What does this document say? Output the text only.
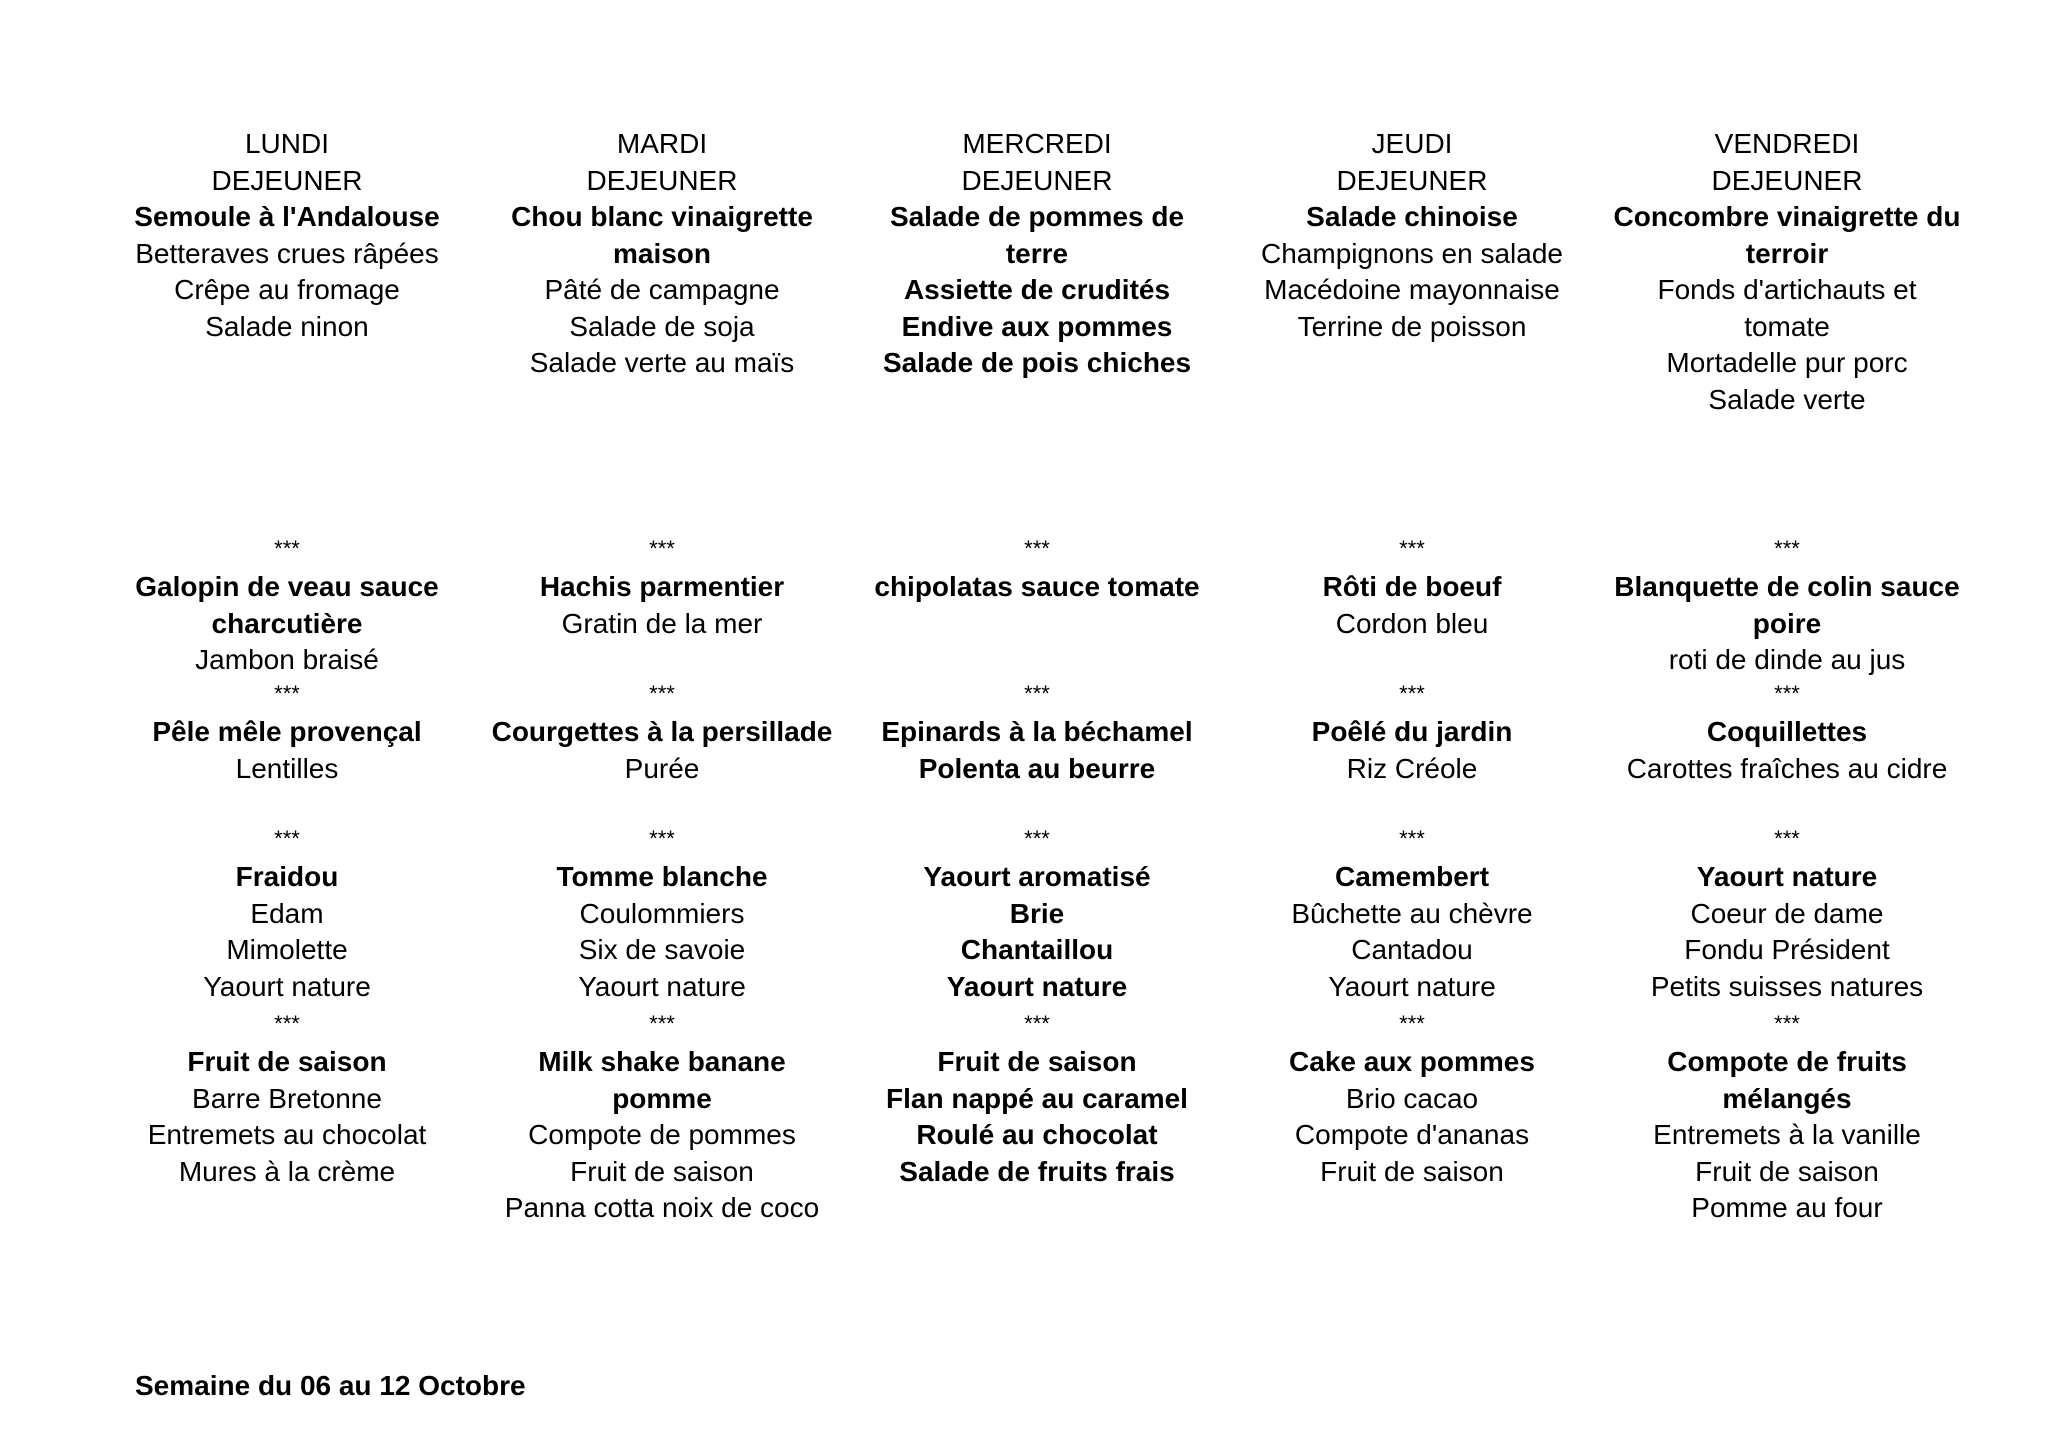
LUNDI
DEJEUNER
Semoule à l'Andalouse
Betteraves crues râpées
Crêpe au fromage
Salade ninon
***
Galopin de veau sauce
charcutière
Jambon braisé
***
Pêle mêle provençal
Lentilles
***
Fraidou
Edam
Mimolette
Yaourt nature
***
Fruit de saison
Barre Bretonne
Entremets au chocolat
Mures à la crème
MARDI
DEJEUNER
Chou blanc vinaigrette
maison
Pâté de campagne
Salade de soja
Salade verte au maïs
***
Hachis parmentier
Gratin de la mer
***
Courgettes à la persillade
Purée
***
Tomme blanche
Coulommiers
Six de savoie
Yaourt nature
***
Milk shake banane
pomme
Compote de pommes
Fruit de saison
Panna cotta noix de coco
MERCREDI
DEJEUNER
Salade de pommes de
terre
Assiette de crudités
Endive aux pommes
Salade de pois chiches
***
chipolatas sauce tomate
***
Epinards à la béchamel
Polenta au beurre
***
Yaourt aromatisé
Brie
Chantaillou
Yaourt nature
***
Fruit de saison
Flan nappé au caramel
Roulé au chocolat
Salade de fruits frais
JEUDI
DEJEUNER
Salade chinoise
Champignons en salade
Macédoine mayonnaise
Terrine de poisson
***
Rôti de boeuf
Cordon bleu
***
Poêlé du jardin
Riz Créole
***
Camembert
Bûchette au chèvre
Cantadou
Yaourt nature
***
Cake aux pommes
Brio cacao
Compote d'ananas
Fruit de saison
VENDREDI
DEJEUNER
Concombre vinaigrette du
terroir
Fonds d'artichauts et
tomate
Mortadelle pur porc
Salade verte
***
Blanquette de colin sauce
poire
roti de dinde au jus
***
Coquillettes
Carottes fraîches au cidre
***
Yaourt nature
Coeur de dame
Fondu Président
Petits suisses natures
***
Compote de fruits
mélangés
Entremets à la vanille
Fruit de saison
Pomme au four
Semaine du 06 au 12 Octobre
